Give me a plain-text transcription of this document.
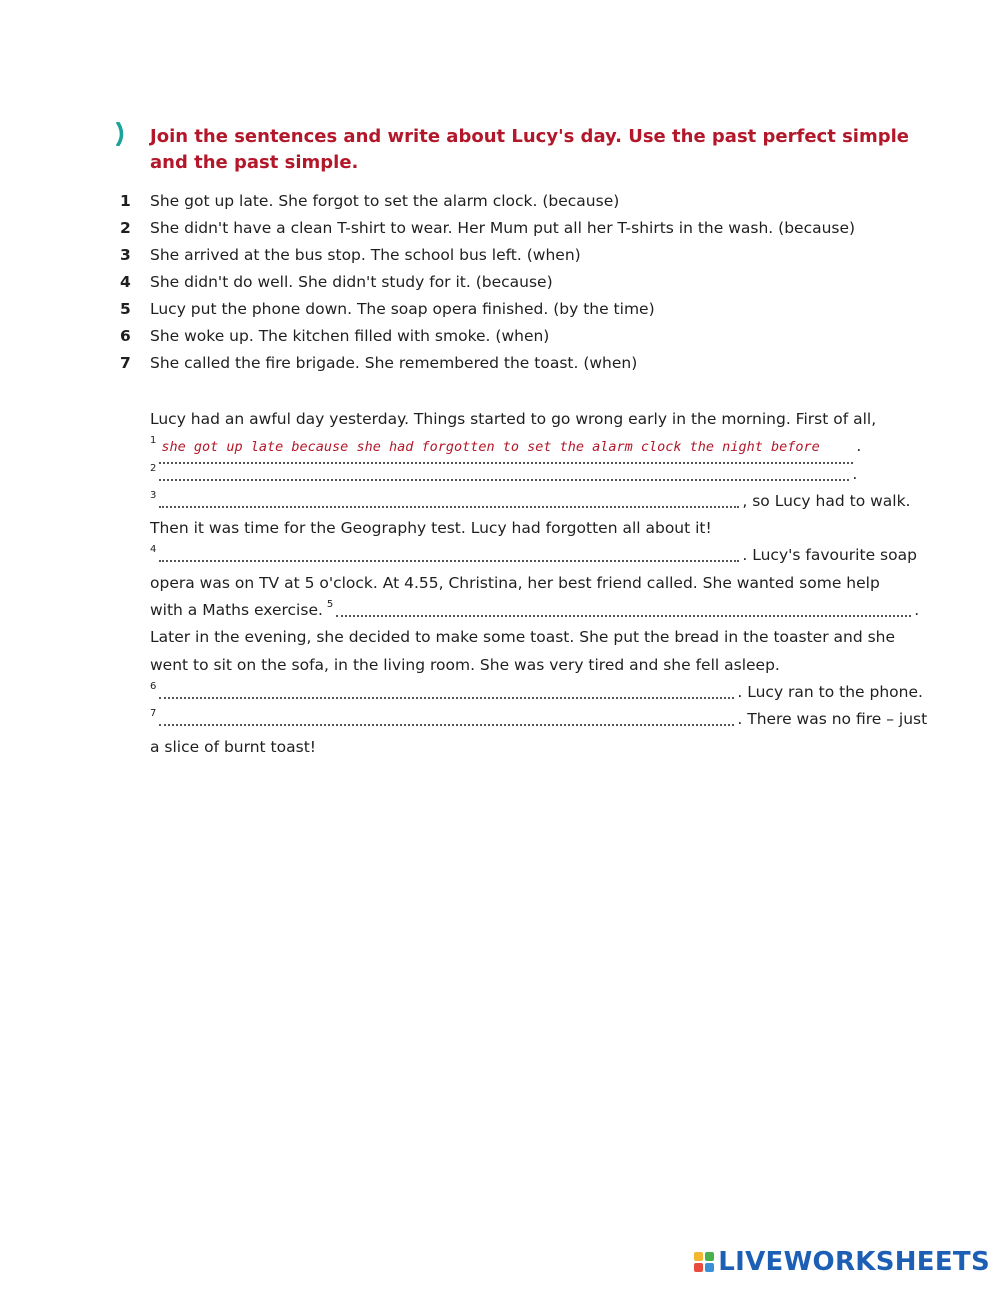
Join the sentences and write about Lucy's day. Use the past perfect simple and the past simple.

1 She got up late. She forgot to set the alarm clock. (because)
2 She didn't have a clean T-shirt to wear. Her Mum put all her T-shirts in the wash. (because)
3 She arrived at the bus stop. The school bus left. (when)
4 She didn't do well. She didn't study for it. (because)
5 Lucy put the phone down. The soap opera finished. (by the time)
6 She woke up. The kitchen filled with smoke. (when)
7 She called the fire brigade. She remembered the toast. (when)
Lucy had an awful day yesterday. Things started to go wrong early in the morning. First of all,
1 she got up late because she had forgotten to set the alarm clock the night before	.
2	.
3	, so Lucy had to walk.
Then it was time for the Geography test. Lucy had forgotten all about it!
4	. Lucy's favourite soap
opera was on TV at 5 o'clock. At 4.55, Christina, her best friend called. She wanted some help
with a Maths exercise. 5	.
Later in the evening, she decided to make some toast. She put the bread in the toaster and she
went to sit on the sofa, in the living room. She was very tired and she fell asleep.
6	. Lucy ran to the phone.
7	. There was no fire – just
a slice of burnt toast!
LIVEWORKSHEETS
